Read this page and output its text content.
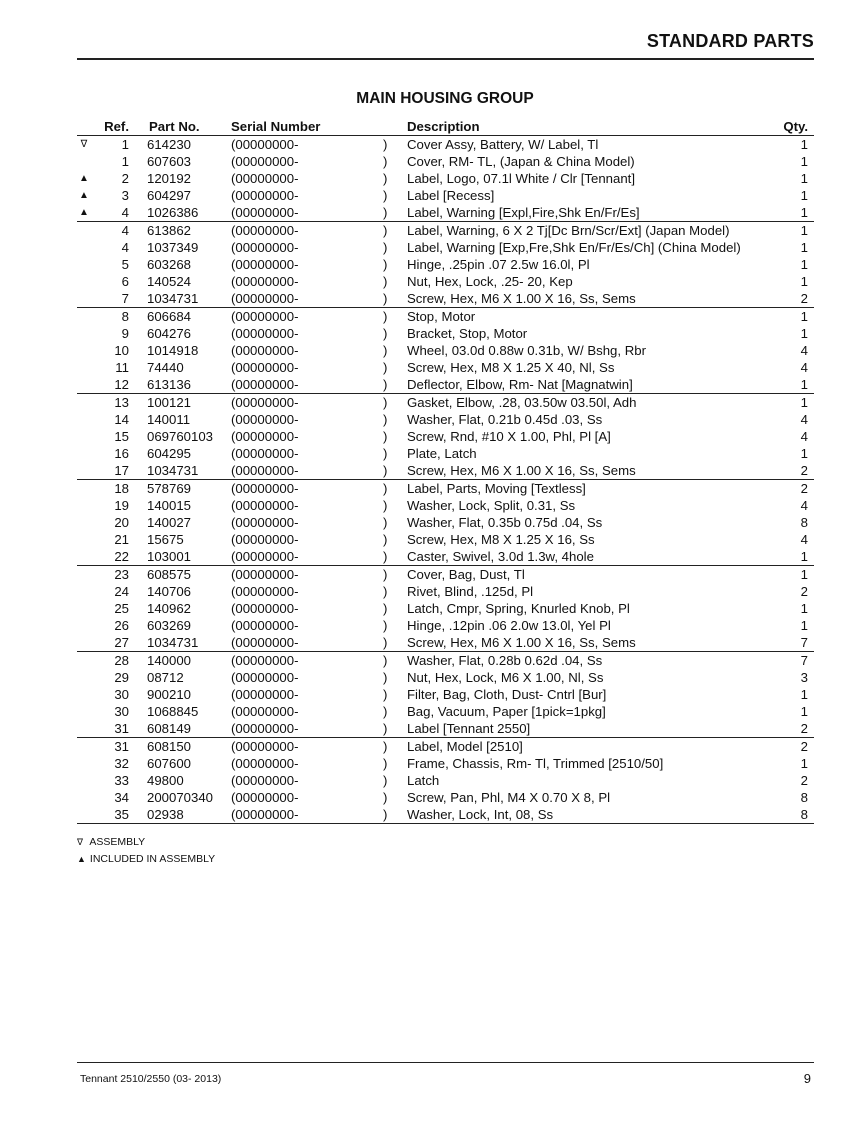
STANDARD PARTS
MAIN HOUSING GROUP
Ref. Part No. Serial Number	Description	Qty.
∇	1 614230	(00000000-	) Cover Assy, Battery, W/ Label, Tl	1
1 607603	(00000000-	) Cover, RM- TL, (Japan & China Model)	1
▲	2 120192	(00000000-	) Label, Logo, 07.1l White / Clr [Tennant]	1
▲	3 604297	(00000000-	) Label [Recess]	1
▲	4 1026386 (00000000-	) Label, Warning [Expl,Fire,Shk En/Fr/Es]	1
4 613862	(00000000-	) Label, Warning, 6 X 2 Tj[Dc Brn/Scr/Ext] (Japan Model)	1
4 1037349 (00000000-	) Label, Warning [Exp,Fre,Shk En/Fr/Es/Ch] (China Model)	1
5 603268	(00000000-	) Hinge, .25pin .07 2.5w 16.0l, Pl	1
6 140524	(00000000-	) Nut, Hex, Lock, .25- 20, Kep	1
7 1034731 (00000000-	) Screw, Hex, M6 X 1.00 X 16, Ss, Sems	2
8 606684	(00000000-	) Stop, Motor	1
9 604276	(00000000-	) Bracket, Stop, Motor	1
10 1014918 (00000000-	) Wheel, 03.0d 0.88w 0.31b, W/ Bshg, Rbr	4
11 74440	(00000000-	) Screw, Hex, M8 X 1.25 X 40, Nl, Ss	4
12 613136	(00000000-	) Deflector, Elbow, Rm- Nat [Magnatwin]	1
13 100121	(00000000-	) Gasket, Elbow, .28, 03.50w 03.50l, Adh	1
14 140011	(00000000-	) Washer, Flat, 0.21b 0.45d .03, Ss	4
15 069760103 (00000000-	) Screw, Rnd, #10 X 1.00, Phl, Pl [A]	4
16 604295	(00000000-	) Plate, Latch	1
17 1034731 (00000000-	) Screw, Hex, M6 X 1.00 X 16, Ss, Sems	2
18 578769	(00000000-	) Label, Parts, Moving [Textless]	2
19 140015	(00000000-	) Washer, Lock, Split, 0.31, Ss	4
20 140027	(00000000-	) Washer, Flat, 0.35b 0.75d .04, Ss	8
21 15675	(00000000-	) Screw, Hex, M8 X 1.25 X 16, Ss	4
22 103001	(00000000-	) Caster, Swivel, 3.0d 1.3w, 4hole	1
23 608575	(00000000-	) Cover, Bag, Dust, Tl	1
24 140706	(00000000-	) Rivet, Blind, .125d, Pl	2
25 140962	(00000000-	) Latch, Cmpr, Spring, Knurled Knob, Pl	1
26 603269	(00000000-	) Hinge, .12pin .06 2.0w 13.0l, Yel Pl	1
27 1034731 (00000000-	) Screw, Hex, M6 X 1.00 X 16, Ss, Sems	7
28 140000	(00000000-	) Washer, Flat, 0.28b 0.62d .04, Ss	7
29 08712	(00000000-	) Nut, Hex, Lock, M6 X 1.00, Nl, Ss	3
30 900210	(00000000-	) Filter, Bag, Cloth, Dust- Cntrl [Bur]	1
30 1068845 (00000000-	) Bag, Vacuum, Paper [1pick=1pkg]	1
31 608149	(00000000-	) Label [Tennant 2550]	2
31 608150	(00000000-	) Label, Model [2510]	2
32 607600	(00000000-	) Frame, Chassis, Rm- Tl, Trimmed [2510/50]	1
33 49800	(00000000-	) Latch	2
34 200070340 (00000000-	) Screw, Pan, Phl, M4 X 0.70 X 8, Pl	8
35 02938	(00000000-	) Washer, Lock, Int, 08, Ss	8
∇ ASSEMBLY
▲ INCLUDED IN ASSEMBLY
Tennant 2510/2550 (03- 2013)	9
